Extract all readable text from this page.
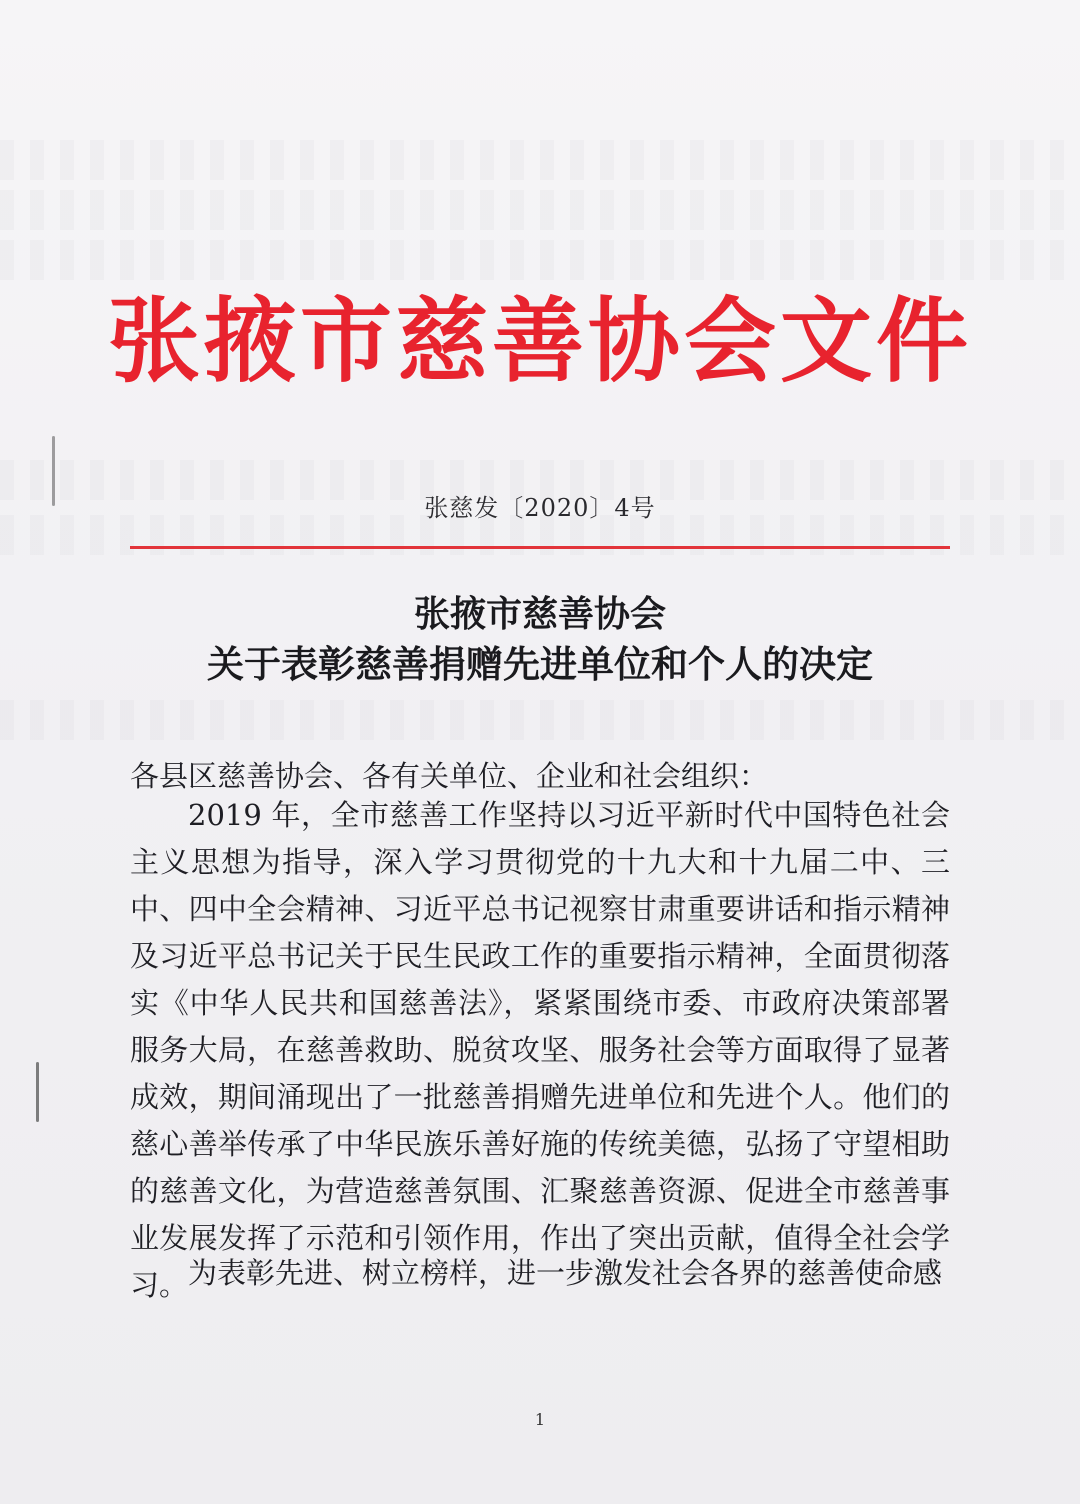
张掖市慈善协会文件
张慈发〔2020〕4号
张掖市慈善协会
关于表彰慈善捐赠先进单位和个人的决定
各县区慈善协会、各有关单位、企业和社会组织：
2019 年，全市慈善工作坚持以习近平新时代中国特色社会主义思想为指导，深入学习贯彻党的十九大和十九届二中、三中、四中全会精神、习近平总书记视察甘肃重要讲话和指示精神及习近平总书记关于民生民政工作的重要指示精神，全面贯彻落实《中华人民共和国慈善法》，紧紧围绕市委、市政府决策部署服务大局，在慈善救助、脱贫攻坚、服务社会等方面取得了显著成效，期间涌现出了一批慈善捐赠先进单位和先进个人。他们的慈心善举传承了中华民族乐善好施的传统美德，弘扬了守望相助的慈善文化，为营造慈善氛围、汇聚慈善资源、促进全市慈善事业发展发挥了示范和引领作用，作出了突出贡献，值得全社会学习。 为表彰先进、树立榜样，进一步激发社会各界的慈善使命感
1
